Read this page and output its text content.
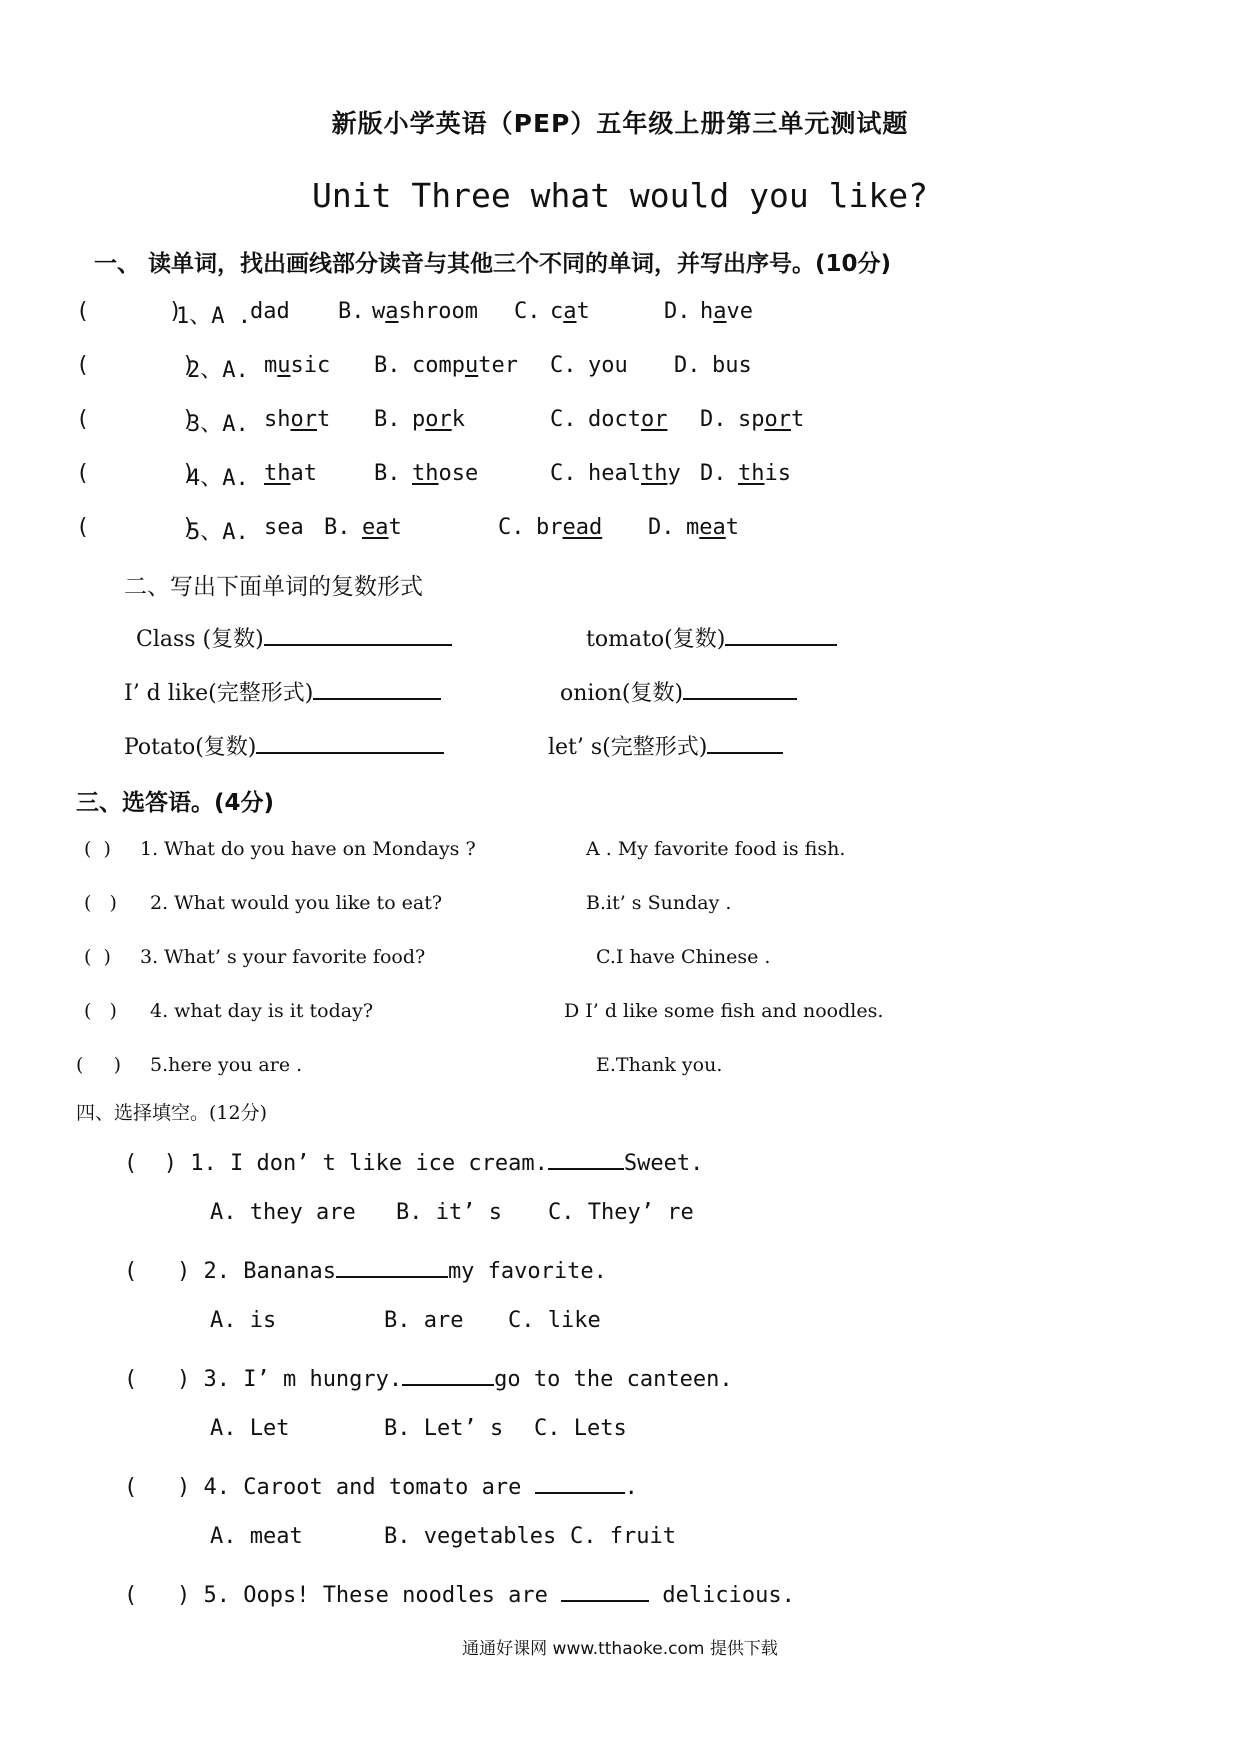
新版小学英语（PEP）五年级上册第三单元测试题
Unit Three what would you like?
一、 读单词，找出画线部分读音与其他三个不同的单词，并写出序号。(10分)
(      )
1、A . dad B. washroom C. cat	D. have
(       )
2、A. music B. computer C. you D. bus
(       )
3、A. short B. pork	C. doctor D. sport
(       )
4、A. that	B. those	C. healthy D. this
(       )
5、A. sea B. eat	C. bread D. meat
二、写出下面单词的复数形式
Class (复数)	tomato(复数)
I’ d like(完整形式)	onion(复数)
Potato(复数)	let’ s(完整形式)
三、选答语。(4分)
(  ) 1. What do you have on Mondays ?	A . My favorite food is fish.
(   ) 2. What would you like to eat?	B.it’ s Sunday .
(  ) 3. What’ s your favorite food?	C.I have Chinese .
(   ) 4. what day is it today?	D I’ d like some fish and noodles.
(     ) 5.here you are .	E.Thank you.
四、选择填空。(12分)
(  ) 1. I don’ t like ice cream.	Sweet.
A. they are B. it’ s C. They’ re
(   ) 2. Bananas	my favorite.
A. is	B. are C. like
(   ) 3. I’ m hungry.	go to the canteen.
A. Let	B. Let’ s C. Lets
(   ) 4. Caroot and tomato are	.
A. meat	B. vegetables C. fruit
(   ) 5. Oops! These noodles are	delicious.
通通好课网 www.tthaoke.com 提供下载
